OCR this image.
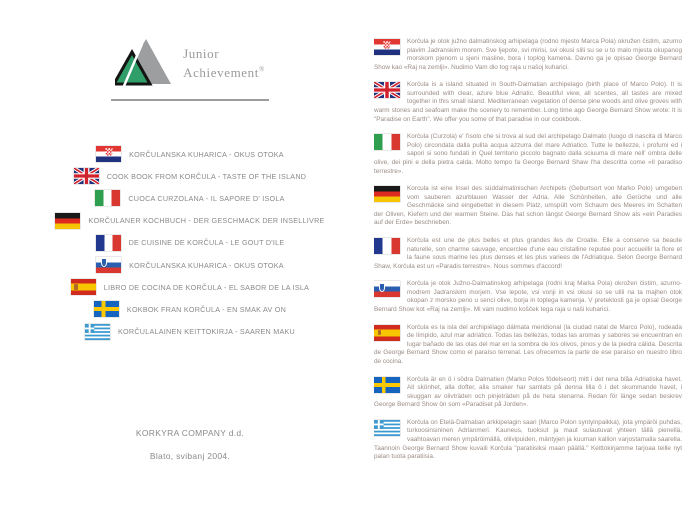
Junior
Achievement®
KORČULANSKA KUHARICA - OKUS OTOKA
COOK BOOK FROM KORČULA - TASTE OF THE ISLAND
CUOCA CURZOLANA - IL SAPORE D' ISOLA
KORČULANER KOCHBUCH - DER GESCHMACK DER INSELLIVRE
DE CUISINE DE KORČULA - LE GOUT D'ILE
KORČULANSKA KUHARICA - OKUS OTOKA
LIBRO DE COCINA DE KORČULA - EL SABOR DE LA ISLA
KOKBOK FRAN KORČULA - EN SMAK AV ON
KORČULALAINEN KEITTOKIRJA - SAAREN MAKU
KORKYRA COMPANY d.d.
Blato, svibanj 2004.
Korčula je otok južno dalmatinskog arhipelaga (rodno mjesto Marca Pola) okružen čistim, azurno plavim Jadranskim morem. Sve ljepote, svi mirisi, svi okusi slili su se u to malo mjesta okupanog morskom pjenom u sjeni masline, bora i toplog kamena. Davno ga je opisao George Bernard Show kao «Raj na zemlji». Nudimo Vam dio tog raja u našoj kuharici.
Korčula is a island situated in South-Dalmatian archipelago (birth place of Marco Polo). It is surrounded with clear, azure blue Adriatic. Beautiful view, all scentes, all tastes are mixed together in this small island. Mediterranean vegetation of dense pine woods and olive groves with warm stones and seafoam make the scenery to remember. Long time ago George Bernard Show wrote: It is "Paradise on Earth". We offer you some of that paradise in our cookbook.
Korčula (Curzola) e' l'isolo che si trova al sud del archipelago Dalmato (luogo di nascita di Marco Polo) circondata dalla pulita acqua azzurra del mare Adriatico. Tutte le bellezze, i profumi ed i sapori si sono fundati in Quel territorio piccolo bagnato dalla sciuuma di mare nell' ombra delle olive, dei pini e della pietra calda. Molto tempo fa George Bernard Shaw l'ha descritta come «Il paradiso terrestre».
Korcula ist eine Insel des süddalmatinischen Archipels (Geburtsort von Marko Polo) umgeben vom sauberen azurblauen Wasser der Adria. Alle Schönheiten, alle Gerüche und alle Geschmäcke sind eingebettet in diesem Platz, umspült vom Schaum des Meeres im Schatten der Oliven, Kiefern und der warmen Steine. Das hat schon längst George Bernard Show als «ein Paradies auf der Erde» beschrieben.
Korčula est une de plus belles et plus grandes iles de Croatie. Elle a conserve sa beaute naturelle, son charme sauvage, encerclee d'une eau cristalline reputee pour accueillir la flore et la faune sous marine les plus denses et les plus variees de l'Adriatique. Selon George Bernard Shaw, Korčula est un «Paradis terrestre». Nous sommes d'accord!
Korčula je otok Južno-Dalmatinskog arhipelaga (rodni kraj Marka Pola) okrožen čistim, azurno-modrem Jadranskim morjem. Vse lepote, vsi vonji in vsi okusi so se ulili na ta majhen otok okopan z morsko peno u senci olive, borja in toplega kamenja. V preteklosti ga je opisal George Bernard Show kot «Raj na zemlji». Mi vam nudimo košček tega raja u naši kuharici.
Korčula es la isla del archipiélago dálmata meridional (la ciudad natal de Marco Polo), rodeada de límpido, azul mar adriático. Todas las bellezas, todas las aromas y sabores se encuentran en lugar bañado de las olas del mar en la sombra de los olivos, pinos y de la piedra cálida. Descrita de George Bernard Show como el paraíso terrenal. Les ofrecemos la parte de ese paraíso en nuestro libro de cocina.
Korčula är en ö i södra Dalmatien (Marko Polos födelseort) mitt i det rena blåa Adriatiska havet. All skönhet, alla dofter, alla smaker har samlats på denna lilla ö i det skummande havet, i skuggan av olivträden och pinjeträden på de heta stenarna. Redan för länge sedan beskrev George Bernard Show ön som «Paradiset på Jorden».
Korčula on Etelä-Dalmatian arkkipelagin saari (Marco Polon syntyinpaikka), jota ympäröi puhdas, turkoosinsininen Adrianmeri. Kauneus, tuoksut ja maut sulautuvat yhteen tällä pienellä, vaahtoavan meren ympäröimällä, oliivipuiden, mäntyjen ja kuuman kallion varjostamalla saarella. Taannoin George Bernard Show kuvaili Korčula "paratiisiksi maan päällä." Keittokirjamme tarjoaa teille nyt palan tuota paratiisia.
